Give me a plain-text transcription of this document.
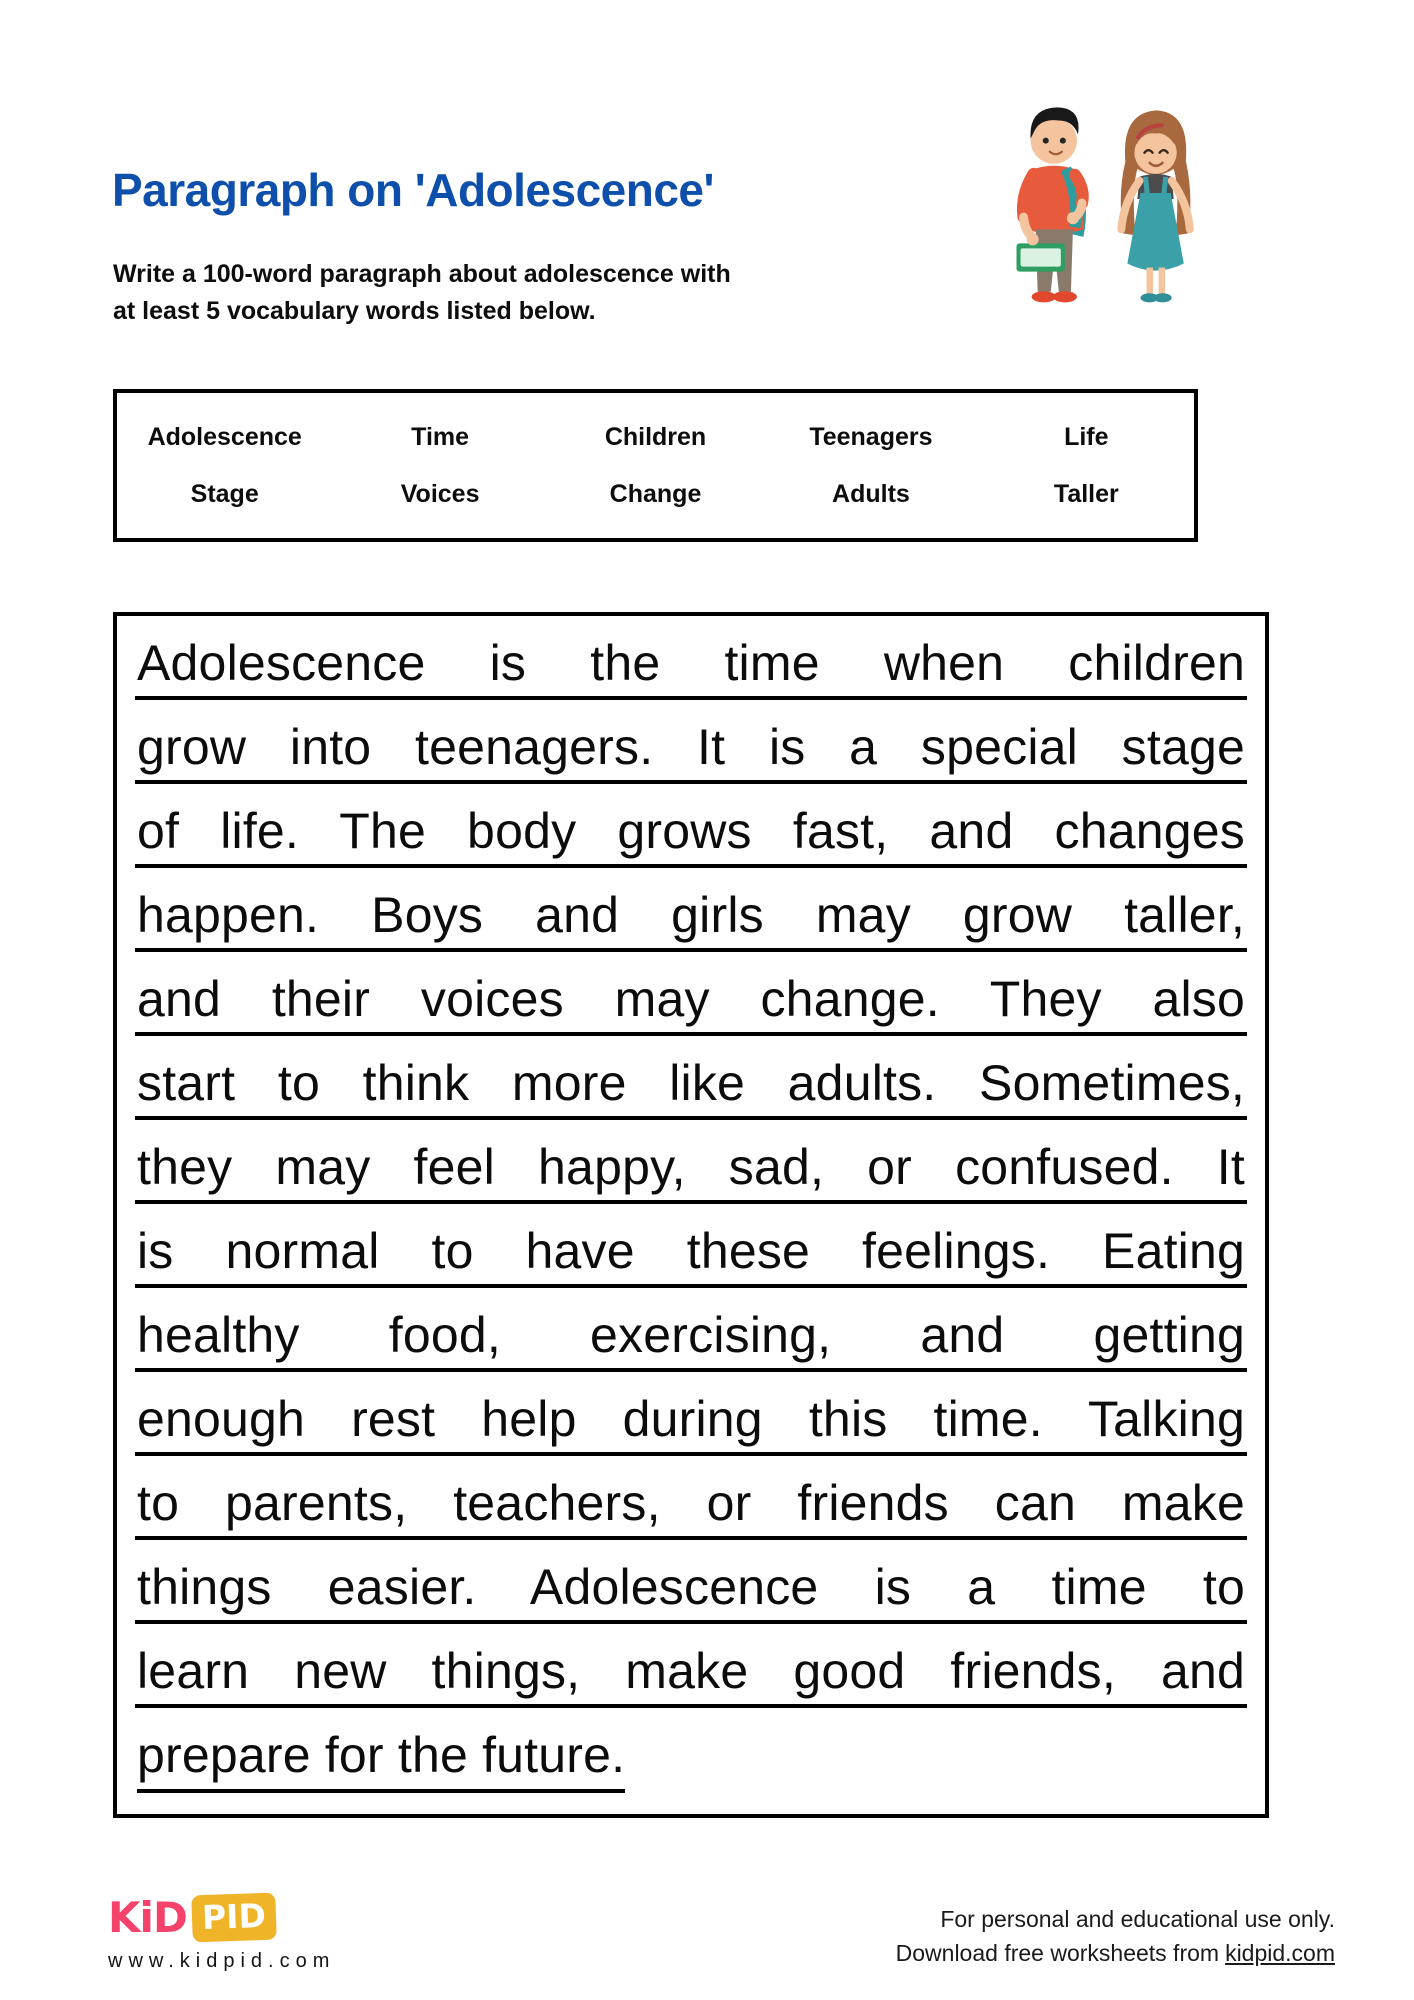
Paragraph on 'Adolescence'

Write a 100-word paragraph about adolescence with
at least 5 vocabulary words listed below.

Adolescence	Time	Children	Teenagers	Life
Stage	Voices	Change	Adults	Taller
Adolescence is the time when children
grow into teenagers. It is a special stage
of life. The body grows fast, and changes
happen. Boys and girls may grow taller,
and their voices may change. They also
start to think more like adults. Sometimes,
they may feel happy, sad, or confused. It
is normal to have these feelings. Eating
healthy food, exercising, and getting
enough rest help during this time. Talking
to parents, teachers, or friends can make
things easier. Adolescence is a time to
learn new things, make good friends, and
prepare for the future.
KiD PID
www.kidpid.com
For personal and educational use only.
Download free worksheets from kidpid.com
